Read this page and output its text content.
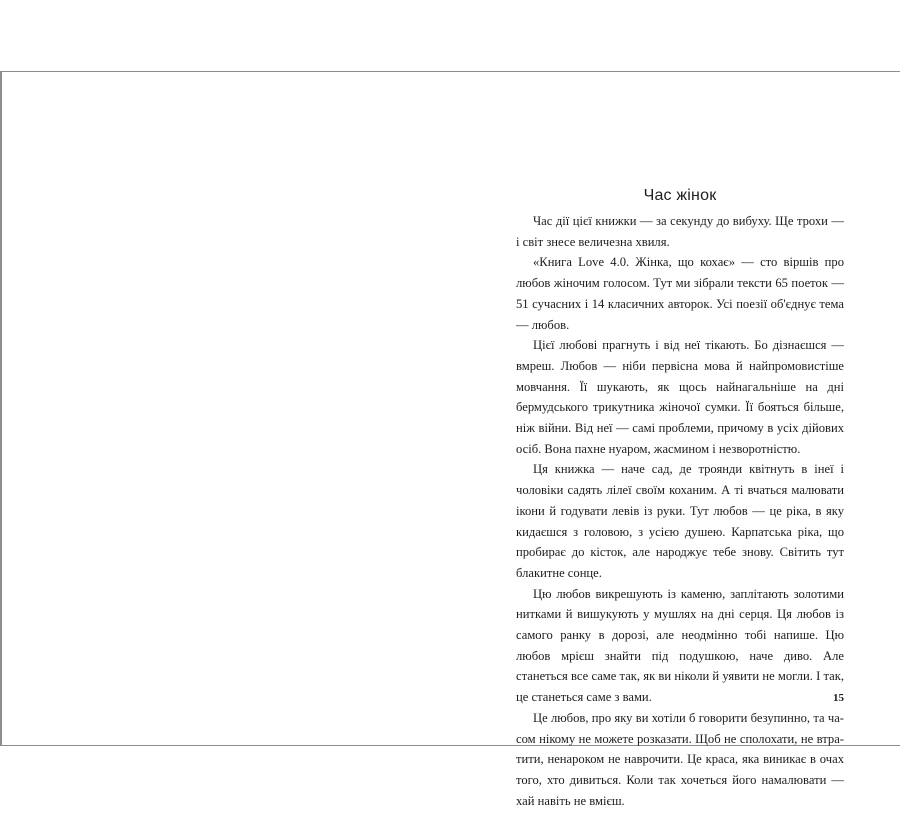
Час жінок

Час дії цієї книжки — за секунду до вибуху. Ще трохи — і світ знесе величезна хвиля.

«Книга Love 4.0. Жінка, що кохає» — сто віршів про любов жіночим голосом. Тут ми зібрали тексти 65 поеток — 51 сучасних і 14 класичних авторок. Усі поезії об'єднує тема — любов.

Цієї любові прагнуть і від неї тікають. Бо дізнаєшся — вмреш. Любов — ніби первісна мова й найпромовистіше мовчання. Її шукають, як щось найнагальніше на дні бермудського трикутника жіночої сумки. Її бояться більше, ніж війни. Від неї — самі проблеми, причому в усіх дійових осіб. Вона пахне нуаром, жасмином і незворотністю.

Ця книжка — наче сад, де троянди квітнуть в інеї і чоловіки садять лілеї своїм коханим. А ті вчаться малювати ікони й годувати левів із руки. Тут любов — це ріка, в яку кидаєшся з головою, з усією душею. Карпатська ріка, що пробирає до кісток, але народжує тебе знову. Світить тут блакитне сонце.

Цю любов викрешують із каменю, заплітають золотими нитками й вишукують у мушлях на дні серця. Ця любов із самого ранку в дорозі, але неодмінно тобі напише. Цю любов мрієш знайти під подушкою, наче диво. Але станеться все саме так, як ви ніколи й уявити не могли. І так, це станеться саме з вами.

Це любов, про яку ви хотіли б говорити безупинно, та часом нікому не можете розказати. Щоб не сполохати, не втратити, ненароком не наврочити. Це краса, яка виникає в очах того, хто дивиться. Коли так хочеться його намалювати — хай навіть не вмієш.

15
